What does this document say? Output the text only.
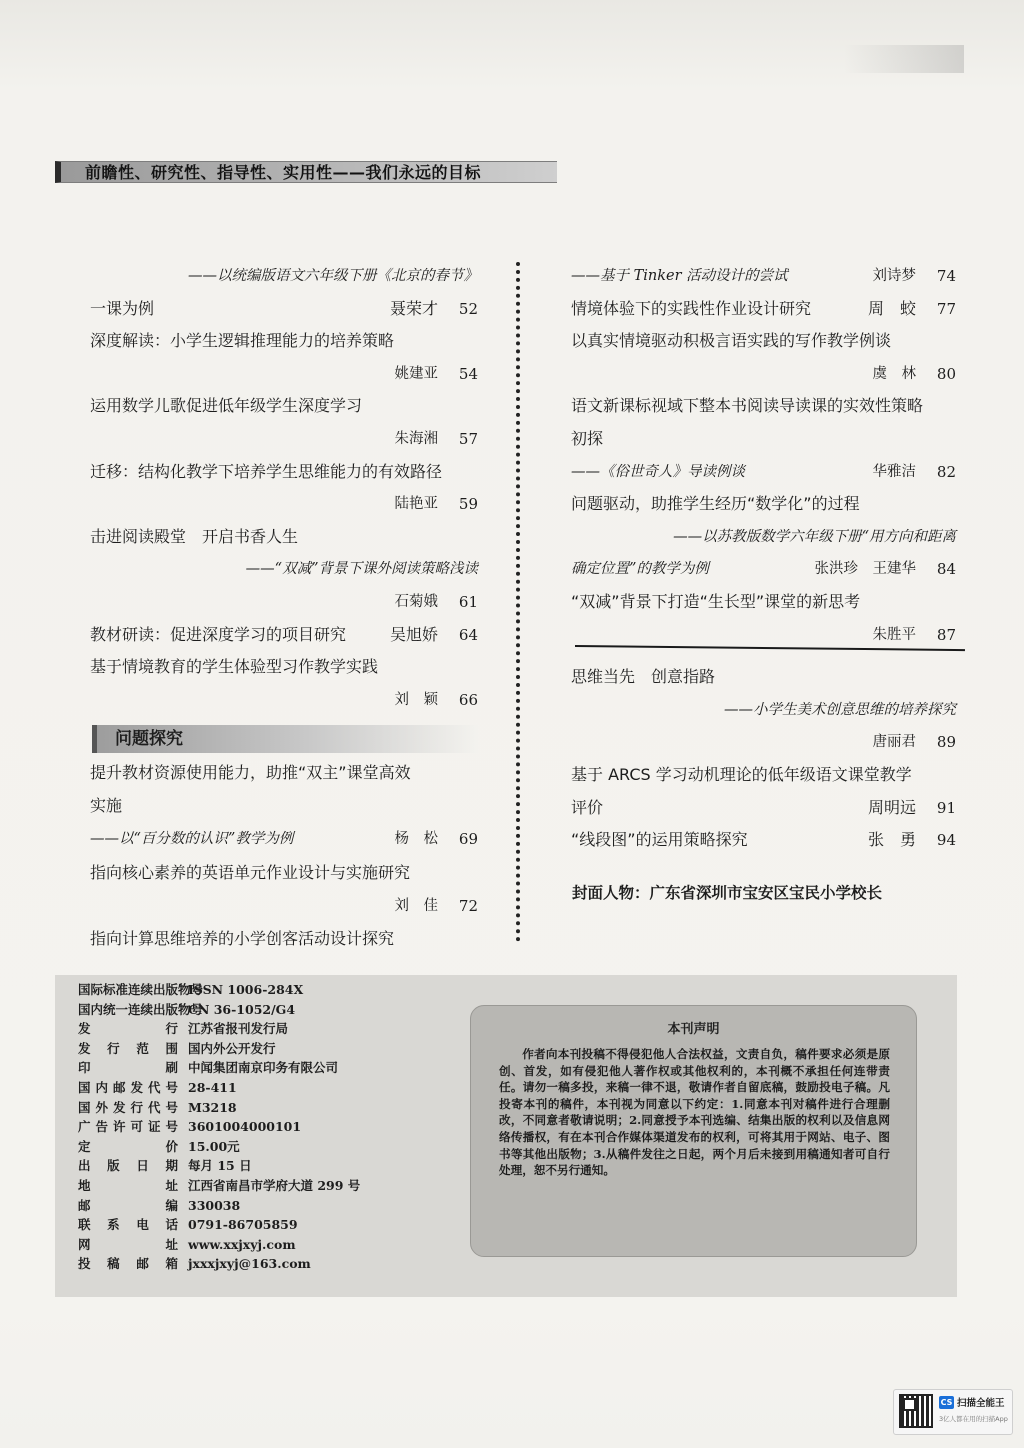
前瞻性、研究性、指导性、实用性——我们永远的目标
——以统编版语文六年级下册《北京的春节》
一课为例	聂荣才	52
深度解读：小学生逻辑推理能力的培养策略
姚建亚	54
运用数学儿歌促进低年级学生深度学习
朱海湘	57
迁移：结构化教学下培养学生思维能力的有效路径
陆艳亚	59
击进阅读殿堂　开启书香人生
——“双减”背景下课外阅读策略浅读
石菊娥	61
教材研读：促进深度学习的项目研究	吴旭娇	64
基于情境教育的学生体验型习作教学实践
刘　颖	66
问题探究
提升教材资源使用能力，助推“双主”课堂高效
实施
——以“百分数的认识”教学为例	杨　松	69
指向核心素养的英语单元作业设计与实施研究
刘　佳	72
指向计算思维培养的小学创客活动设计探究
——基于 Tinker 活动设计的尝试	刘诗梦	74
情境体验下的实践性作业设计研究	周　蛟	77
以真实情境驱动积极言语实践的写作教学例谈
虞　林	80
语文新课标视域下整本书阅读导读课的实效性策略
初探
——《俗世奇人》导读例谈	华雅洁	82
问题驱动，助推学生经历“数学化”的过程
——以苏教版数学六年级下册“用方向和距离
确定位置”的教学为例	张洪珍　王建华	84
“双减”背景下打造“生长型”课堂的新思考
朱胜平	87
思维当先　创意指路
——小学生美术创意思维的培养探究
唐丽君	89
基于 ARCS 学习动机理论的低年级语文课堂教学
评价	周明远	91
“线段图”的运用策略探究	张　勇	94
封面人物：广东省深圳市宝安区宝民小学校长
国际标准连续出版物号
ISSN 1006-284X
国内统一连续出版物号
CN 36-1052/G4
发　　　行 江苏省报刊发行局
发 行 范 围 国内外公开发行
印　　　刷 中闻集团南京印务有限公司
国内邮发代号 28-411
国外发行代号 M3218
广告许可证号 3601004000101
定　　　价 15.00元
出版日期 每月 15 日
地　　　址 江西省南昌市学府大道 299 号
邮　　　编 330038
联系电话 0791-86705859
网　　　址 www.xxjxyj.com
投稿邮箱 jxxxjxyj@163.com
本刊声明
作者向本刊投稿不得侵犯他人合法权益，文责自负，稿件要求必须是原创、首发，如有侵犯他人著作权或其他权利的，本刊概不承担任何连带责任。请勿一稿多投，来稿一律不退，敬请作者自留底稿，鼓励投电子稿。凡投寄本刊的稿件，本刊视为同意以下约定：1.同意本刊对稿件进行合理删改，不同意者敬请说明；2.同意授予本刊选编、结集出版的权利以及信息网络传播权，有在本刊合作媒体渠道发布的权利，可将其用于网站、电子、图书等其他出版物；3.从稿件发往之日起，两个月后未接到用稿通知者可自行处理，恕不另行通知。
CS 扫描全能王
3亿人都在用的扫描App
